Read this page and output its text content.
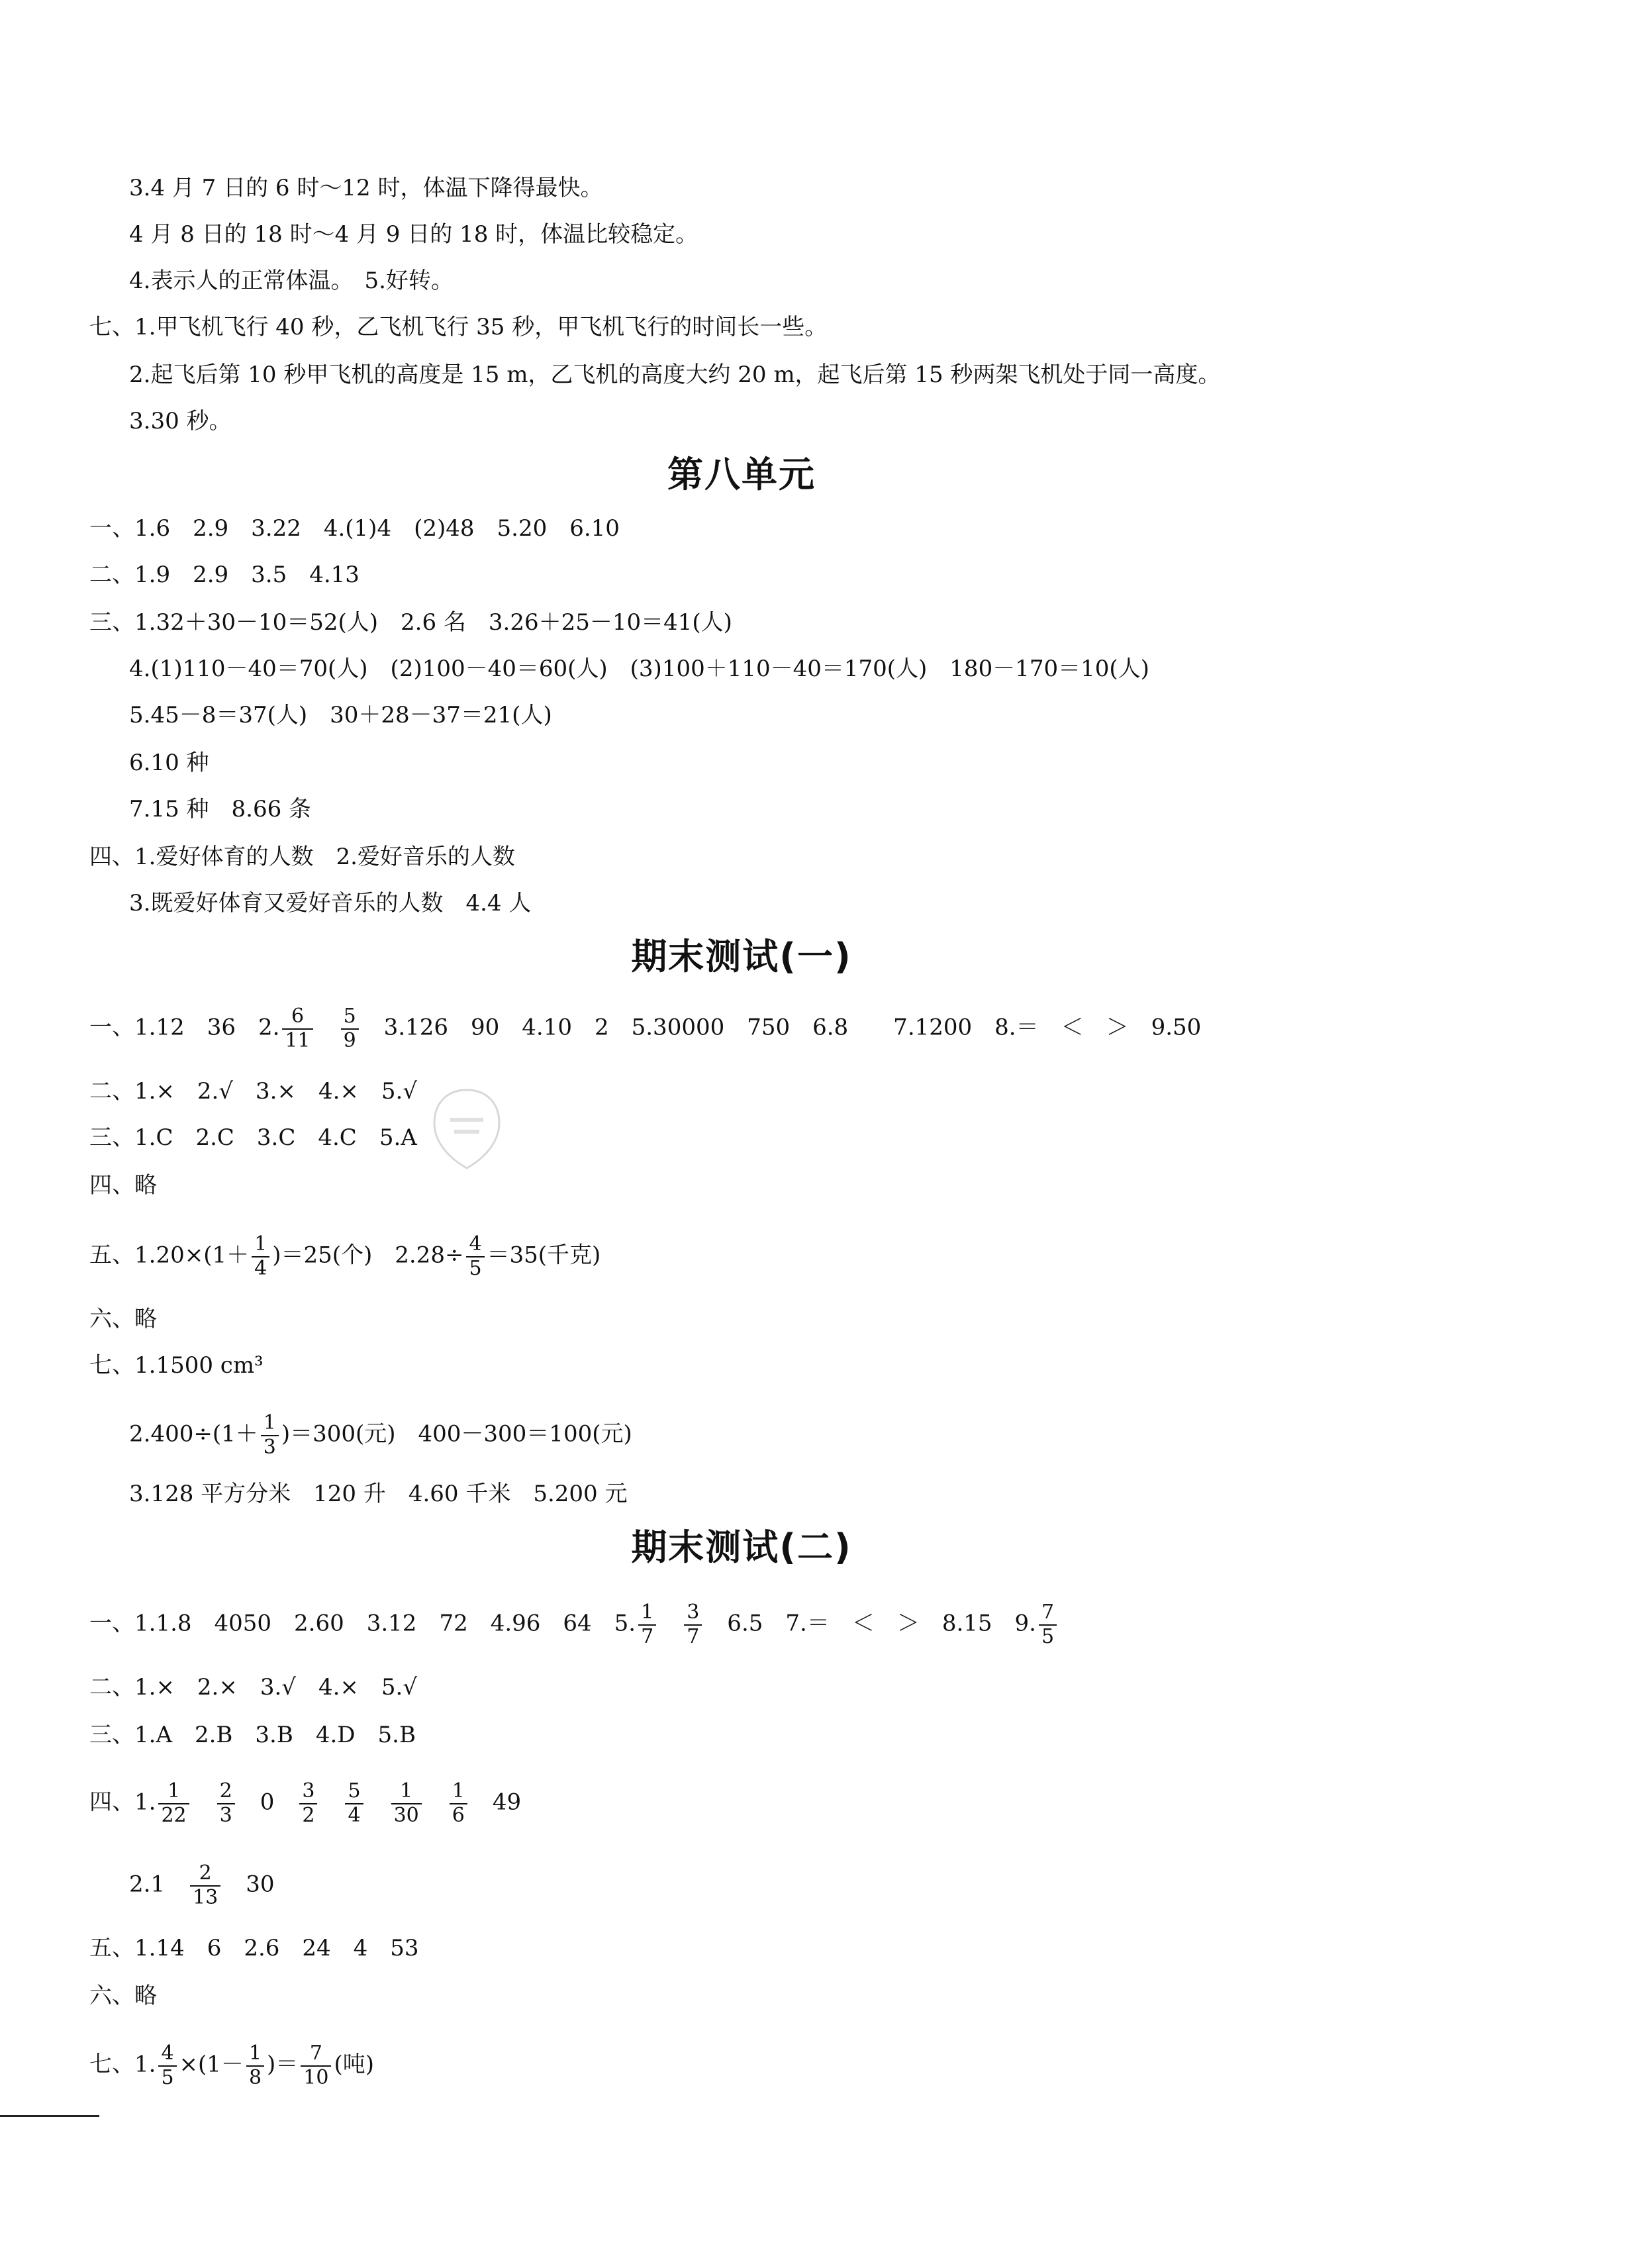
3.4 月 7 日的 6 时～12 时，体温下降得最快。
4 月 8 日的 18 时～4 月 9 日的 18 时，体温比较稳定。
4.表示人的正常体温。　5.好转。
七、1.甲飞机飞行 40 秒，乙飞机飞行 35 秒，甲飞机飞行的时间长一些。
2.起飞后第 10 秒甲飞机的高度是 15 m，乙飞机的高度大约 20 m，起飞后第 15 秒两架飞机处于同一高度。
3.30 秒。
第八单元
一、1.6　2.9　3.22　4.(1)4　(2)48　5.20　6.10
二、1.9　2.9　3.5　4.13
三、1.32＋30－10＝52(人)　2.6 名　3.26＋25－10＝41(人)
4.(1)110－40＝70(人)　(2)100－40＝60(人)　(3)100＋110－40＝170(人)　180－170＝10(人)
5.45－8＝37(人)　30＋28－37＝21(人)
6.10 种
7.15 种　8.66 条
四、1.爱好体育的人数　2.爱好音乐的人数
3.既爱好体育又爱好音乐的人数　4.4 人
期末测试(一)
一、1.12　36　2. $\frac{6}{11}$
　 $\frac{5}{9}$ 　3.126　90　4.10　2　5.30000　750　6.8　　7.1200　8.＝　＜　＞　9.50
二、1.×　2.√　3.×　4.×　5.√
三、1.C　2.C　3.C　4.C　5.A
四、略
五、$1.20\times(1+ \frac{1}{4} )=25$(个)　$2.28\div \frac{4}{5} =35$(千克)
六、略
七、1.1500 cm³
$2.400\div(1+ \frac{1}{3} )=300$(元)　400－300＝100(元)
3.128 平方分米　120 升　4.60 千米　5.200 元
期末测试(二)
一、1.1.8　4050　2.60　3.12　72　4.96　64　5. $\frac{1}{7}$
　 $\frac{3}{7}$ 　6.5　7.＝　＜　＞　8.15　9. $\frac{7}{5}$
二、1.×　2.×　3.√　4.×　5.√
三、1.A　2.B　3.B　4.D　5.B
四、1. $\frac{1}{22}$
　 $\frac{2}{3}$ 　0　 $\frac{3}{2}$
　 $\frac{5}{4}$
　 $\frac{1}{30}$
　 $\frac{1}{6}$ 　49
2.1　 $\frac{2}{13}$ 　30
五、1.14　6　2.6　24　4　53
六、略
七、1. $\frac{4}{5} \times(1- \frac{1}{8}$ )＝ $\frac{7}{10}$ (吨)
